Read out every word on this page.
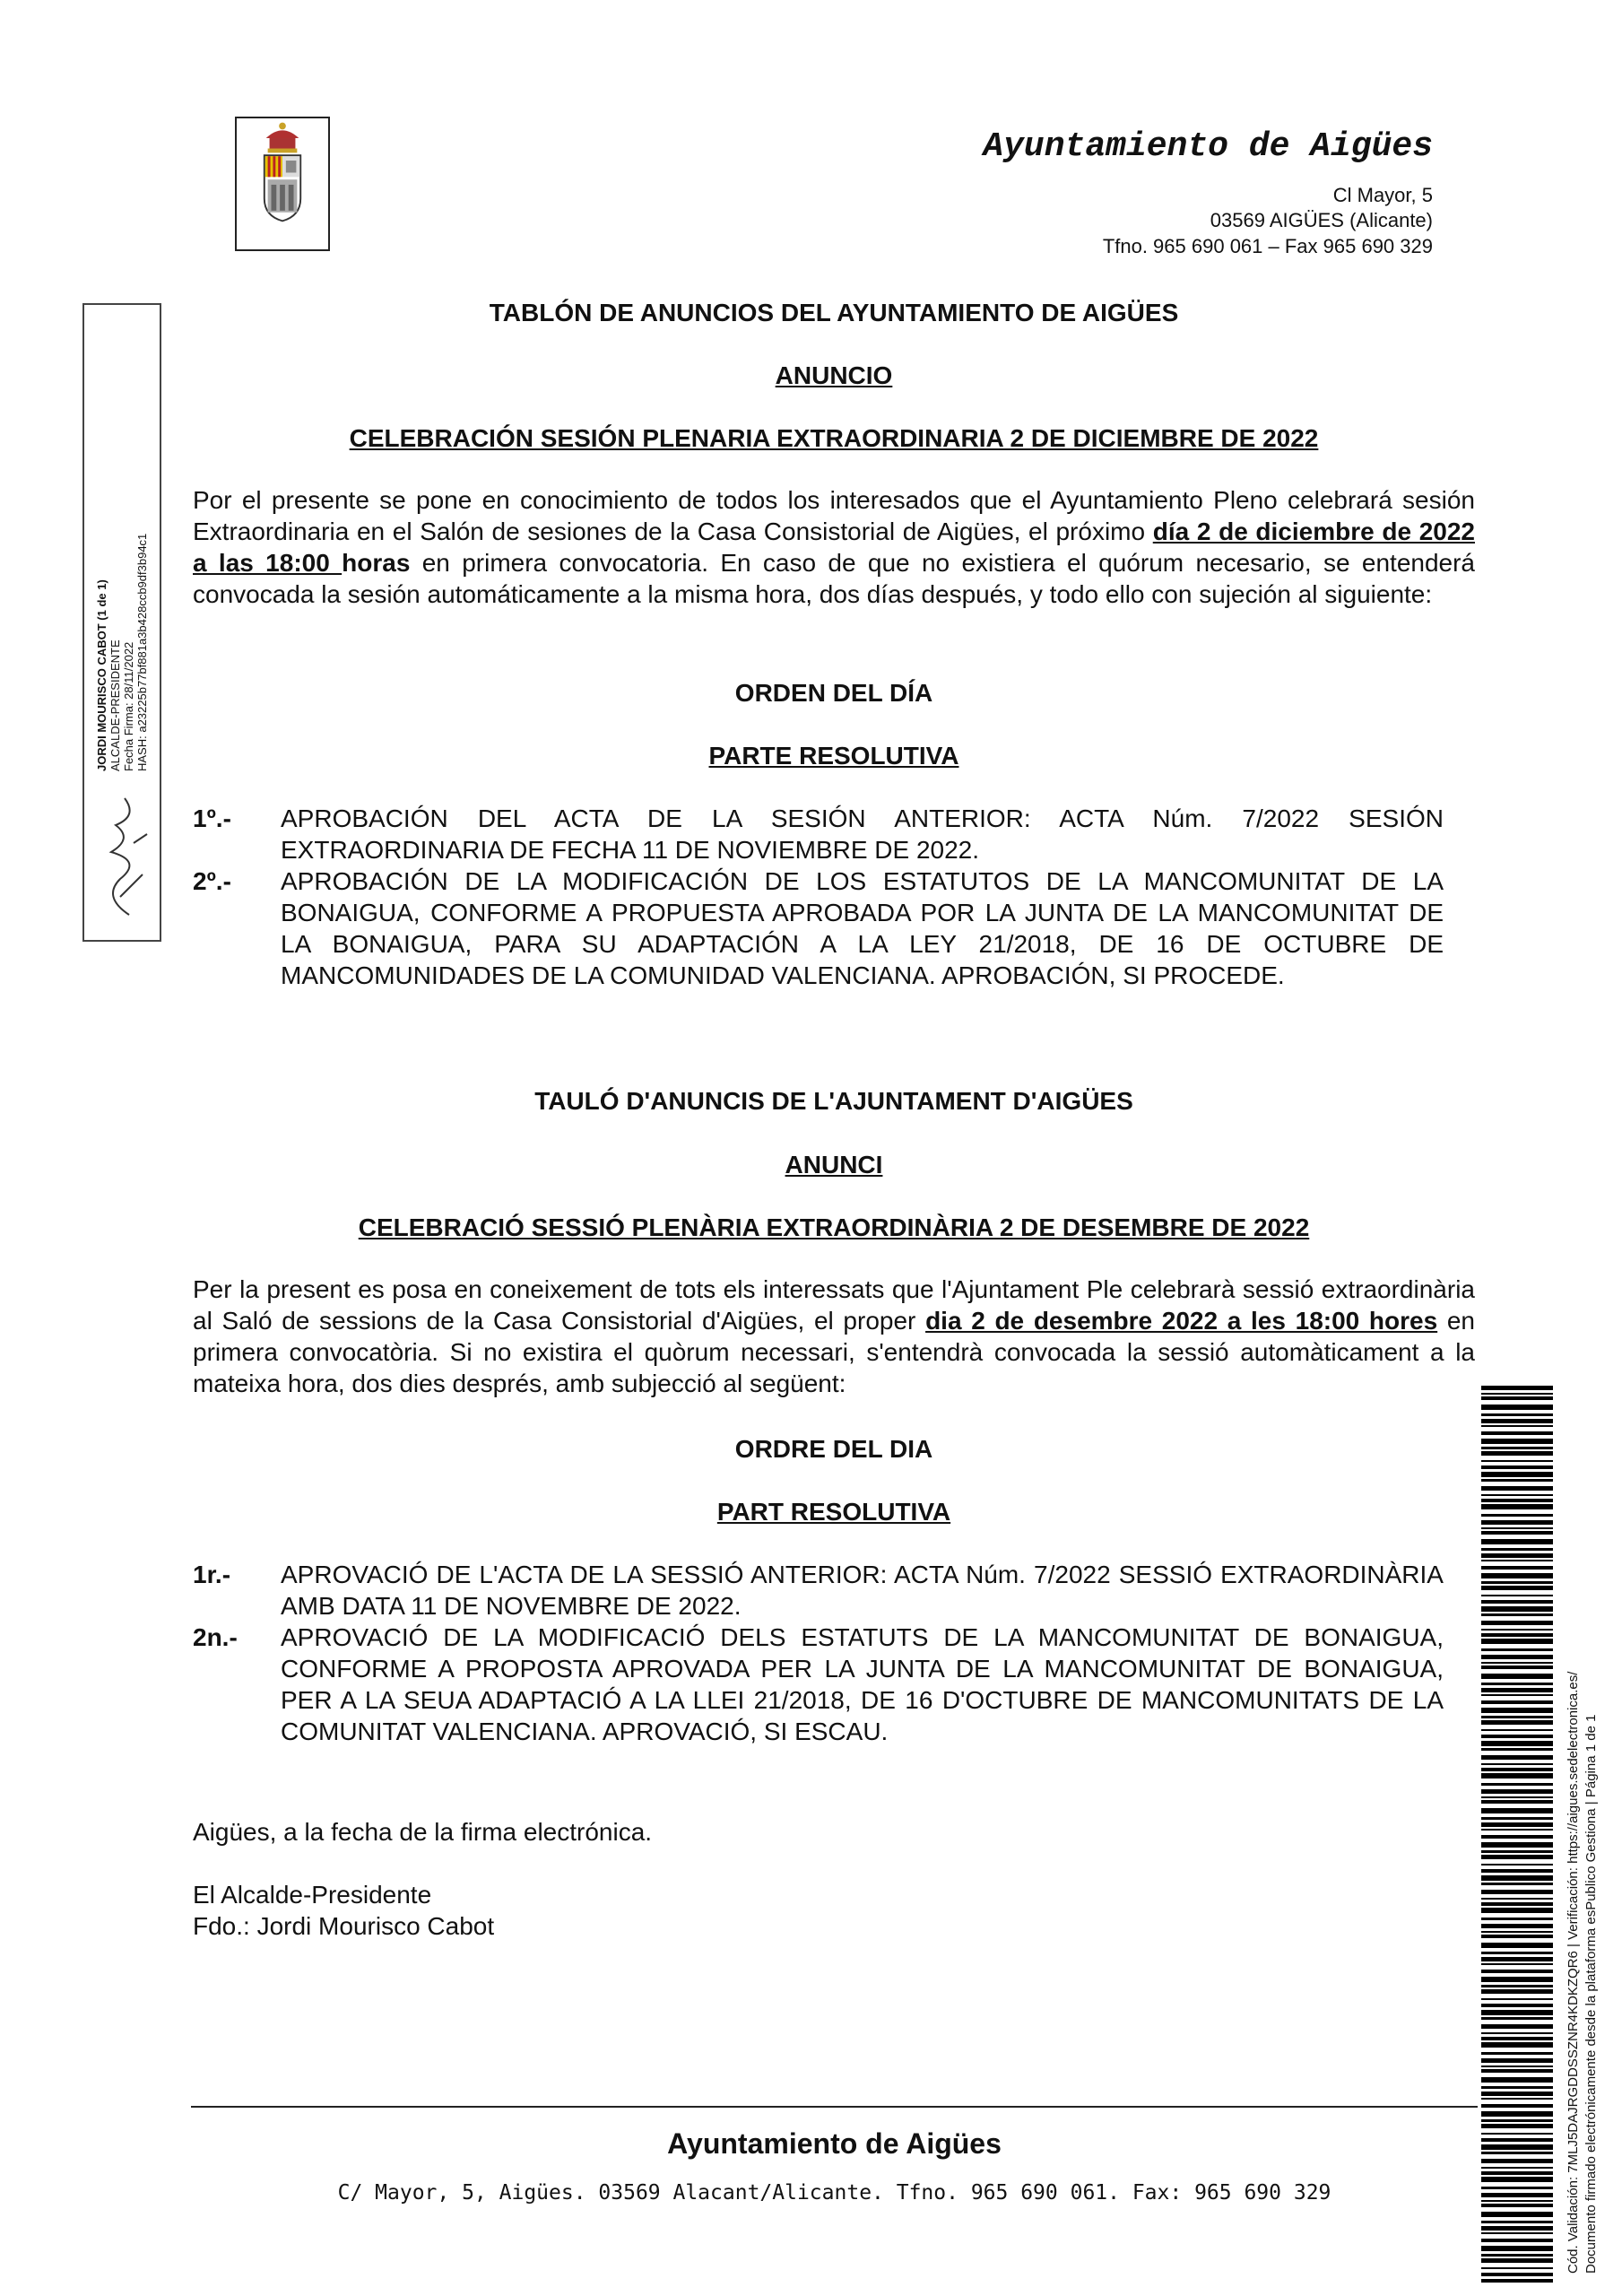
Ayuntamiento de Aigües
Cl Mayor, 5
03569 AIGÜES (Alicante)
Tfno. 965 690 061 – Fax 965 690 329
JORDI MOURISCO CABOT (1 de 1) ALCALDE-PRESIDENTE Fecha Firma: 28/11/2022 HASH: a23225b77bf881a3b428ccb9df3b94c1
TABLÓN DE ANUNCIOS DEL AYUNTAMIENTO DE AIGÜES
ANUNCIO
CELEBRACIÓN SESIÓN PLENARIA EXTRAORDINARIA 2 DE DICIEMBRE DE 2022
Por el presente se pone en conocimiento de todos los interesados que el Ayuntamiento Pleno celebrará sesión Extraordinaria en el Salón de sesiones de la Casa Consistorial de Aigües, el próximo día 2 de diciembre de 2022 a las 18:00 horas en primera convocatoria. En caso de que no existiera el quórum necesario, se entenderá convocada la sesión automáticamente a la misma hora, dos días después, y todo ello con sujeción al siguiente:
ORDEN DEL DÍA
PARTE RESOLUTIVA
1º.- APROBACIÓN DEL ACTA DE LA SESIÓN ANTERIOR: ACTA Núm. 7/2022 SESIÓN EXTRAORDINARIA DE FECHA 11 DE NOVIEMBRE DE 2022.
2º.- APROBACIÓN DE LA MODIFICACIÓN DE LOS ESTATUTOS DE LA MANCOMUNITAT DE LA BONAIGUA, CONFORME A PROPUESTA APROBADA POR LA JUNTA DE LA MANCOMUNITAT DE LA BONAIGUA, PARA SU ADAPTACIÓN A LA LEY 21/2018, DE 16 DE OCTUBRE DE MANCOMUNIDADES DE LA COMUNIDAD VALENCIANA. APROBACIÓN, SI PROCEDE.
TAULÓ D'ANUNCIS DE L'AJUNTAMENT D'AIGÜES
ANUNCI
CELEBRACIÓ SESSIÓ PLENÀRIA EXTRAORDINÀRIA 2 DE DESEMBRE DE 2022
Per la present es posa en coneixement de tots els interessats que l'Ajuntament Ple celebrarà sessió extraordinària al Saló de sessions de la Casa Consistorial d'Aigües, el proper dia 2 de desembre 2022 a les 18:00 hores en primera convocatòria. Si no existira el quòrum necessari, s'entendrà convocada la sessió automàticament a la mateixa hora, dos dies després, amb subjecció al següent:
ORDRE DEL DIA
PART RESOLUTIVA
1r.- APROVACIÓ DE L'ACTA DE LA SESSIÓ ANTERIOR: ACTA Núm. 7/2022 SESSIÓ EXTRAORDINÀRIA AMB DATA 11 DE NOVEMBRE DE 2022.
2n.- APROVACIÓ DE LA MODIFICACIÓ DELS ESTATUTS DE LA MANCOMUNITAT DE BONAIGUA, CONFORME A PROPOSTA APROVADA PER LA JUNTA DE LA MANCOMUNITAT DE BONAIGUA, PER A LA SEUA ADAPTACIÓ A LA LLEI 21/2018, DE 16 D'OCTUBRE DE MANCOMUNITATS DE LA COMUNITAT VALENCIANA. APROVACIÓ, SI ESCAU.
Aigües, a la fecha de la firma electrónica.
El Alcalde-Presidente
Fdo.: Jordi Mourisco Cabot
Ayuntamiento de Aigües
C/ Mayor, 5, Aigües. 03569 Alacant/Alicante. Tfno. 965 690 061. Fax: 965 690 329	Cód. Validación: 7MLJ5DAJRGDDSSZNR4KDKZQR6 | Verificación: https://aigues.sedelectronica.es/ Documento firmado electrónicamente desde la plataforma esPublico Gestiona | Página 1 de 1
